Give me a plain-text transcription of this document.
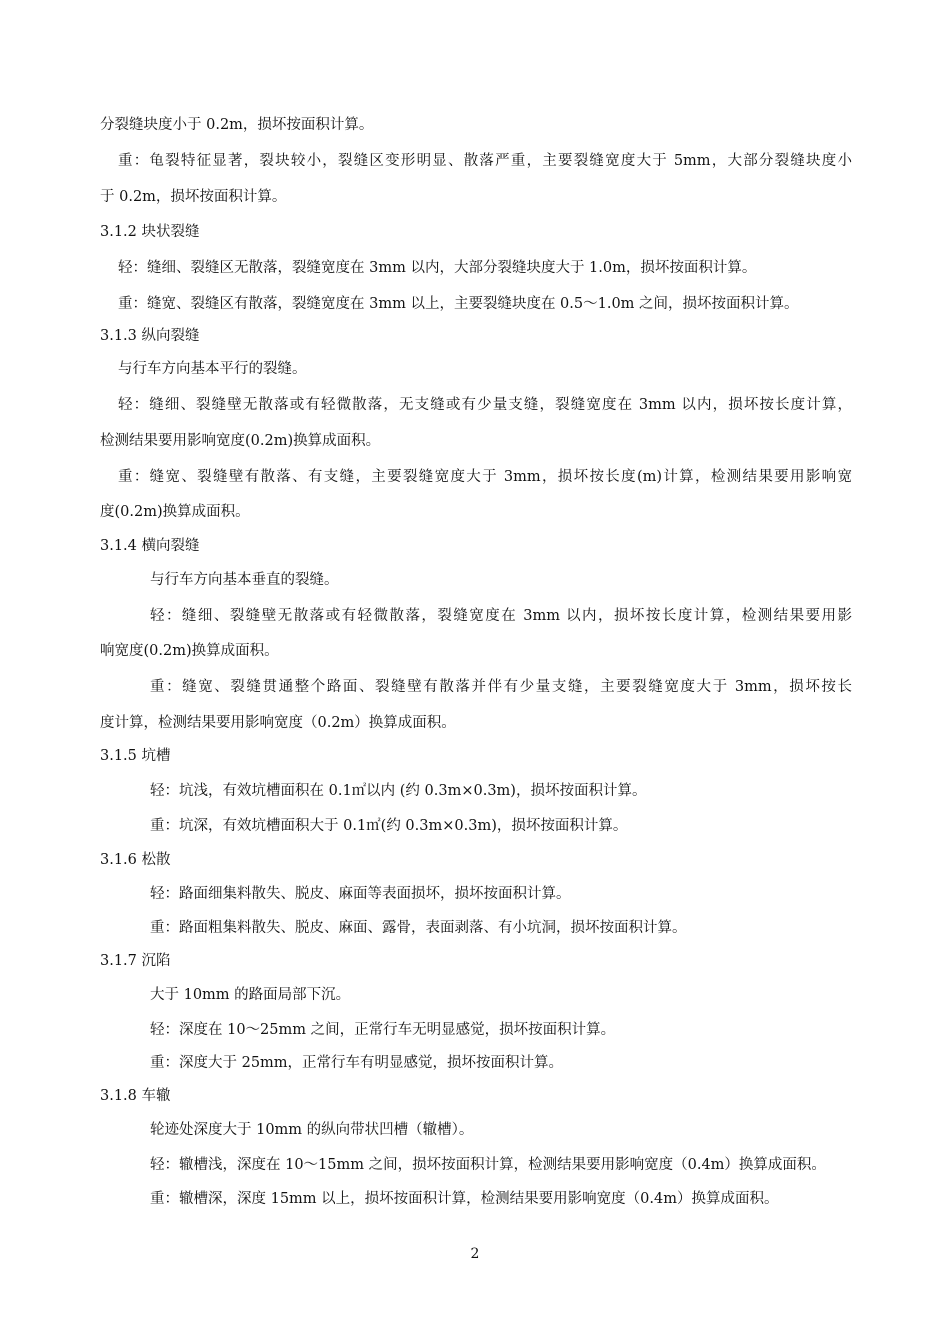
分裂缝块度小于 0.2m，损坏按面积计算。
重：龟裂特征显著，裂块较小，裂缝区变形明显、散落严重，主要裂缝宽度大于 5mm，大部分裂缝块度小
于 0.2m，损坏按面积计算。
3.1.2 块状裂缝
轻：缝细、裂缝区无散落，裂缝宽度在 3mm 以内，大部分裂缝块度大于 1.0m，损坏按面积计算。
重：缝宽、裂缝区有散落，裂缝宽度在 3mm 以上，主要裂缝块度在 0.5～1.0m 之间，损坏按面积计算。
3.1.3 纵向裂缝
与行车方向基本平行的裂缝。
轻：缝细、裂缝壁无散落或有轻微散落，无支缝或有少量支缝，裂缝宽度在 3mm 以内，损坏按长度计算，
检测结果要用影响宽度(0.2m)换算成面积。
重：缝宽、裂缝壁有散落、有支缝，主要裂缝宽度大于 3mm，损坏按长度(m)计算，检测结果要用影响宽
度(0.2m)换算成面积。
3.1.4 横向裂缝
与行车方向基本垂直的裂缝。
轻：缝细、裂缝壁无散落或有轻微散落，裂缝宽度在 3mm 以内，损坏按长度计算，检测结果要用影
响宽度(0.2m)换算成面积。
重：缝宽、裂缝贯通整个路面、裂缝壁有散落并伴有少量支缝，主要裂缝宽度大于 3mm，损坏按长
度计算，检测结果要用影响宽度（0.2m）换算成面积。
3.1.5 坑槽
轻：坑浅，有效坑槽面积在 0.1㎡以内 (约 0.3m×0.3m)，损坏按面积计算。
重：坑深，有效坑槽面积大于 0.1㎡(约 0.3m×0.3m)，损坏按面积计算。
3.1.6 松散
轻：路面细集料散失、脱皮、麻面等表面损坏，损坏按面积计算。
重：路面粗集料散失、脱皮、麻面、露骨，表面剥落、有小坑洞，损坏按面积计算。
3.1.7 沉陷
大于 10mm 的路面局部下沉。
轻：深度在 10～25mm 之间，正常行车无明显感觉，损坏按面积计算。
重：深度大于 25mm，正常行车有明显感觉，损坏按面积计算。
3.1.8 车辙
轮迹处深度大于 10mm 的纵向带状凹槽（辙槽）。
轻：辙槽浅，深度在 10～15mm 之间，损坏按面积计算，检测结果要用影响宽度（0.4m）换算成面积。
重：辙槽深，深度 15mm 以上，损坏按面积计算，检测结果要用影响宽度（0.4m）换算成面积。
2
